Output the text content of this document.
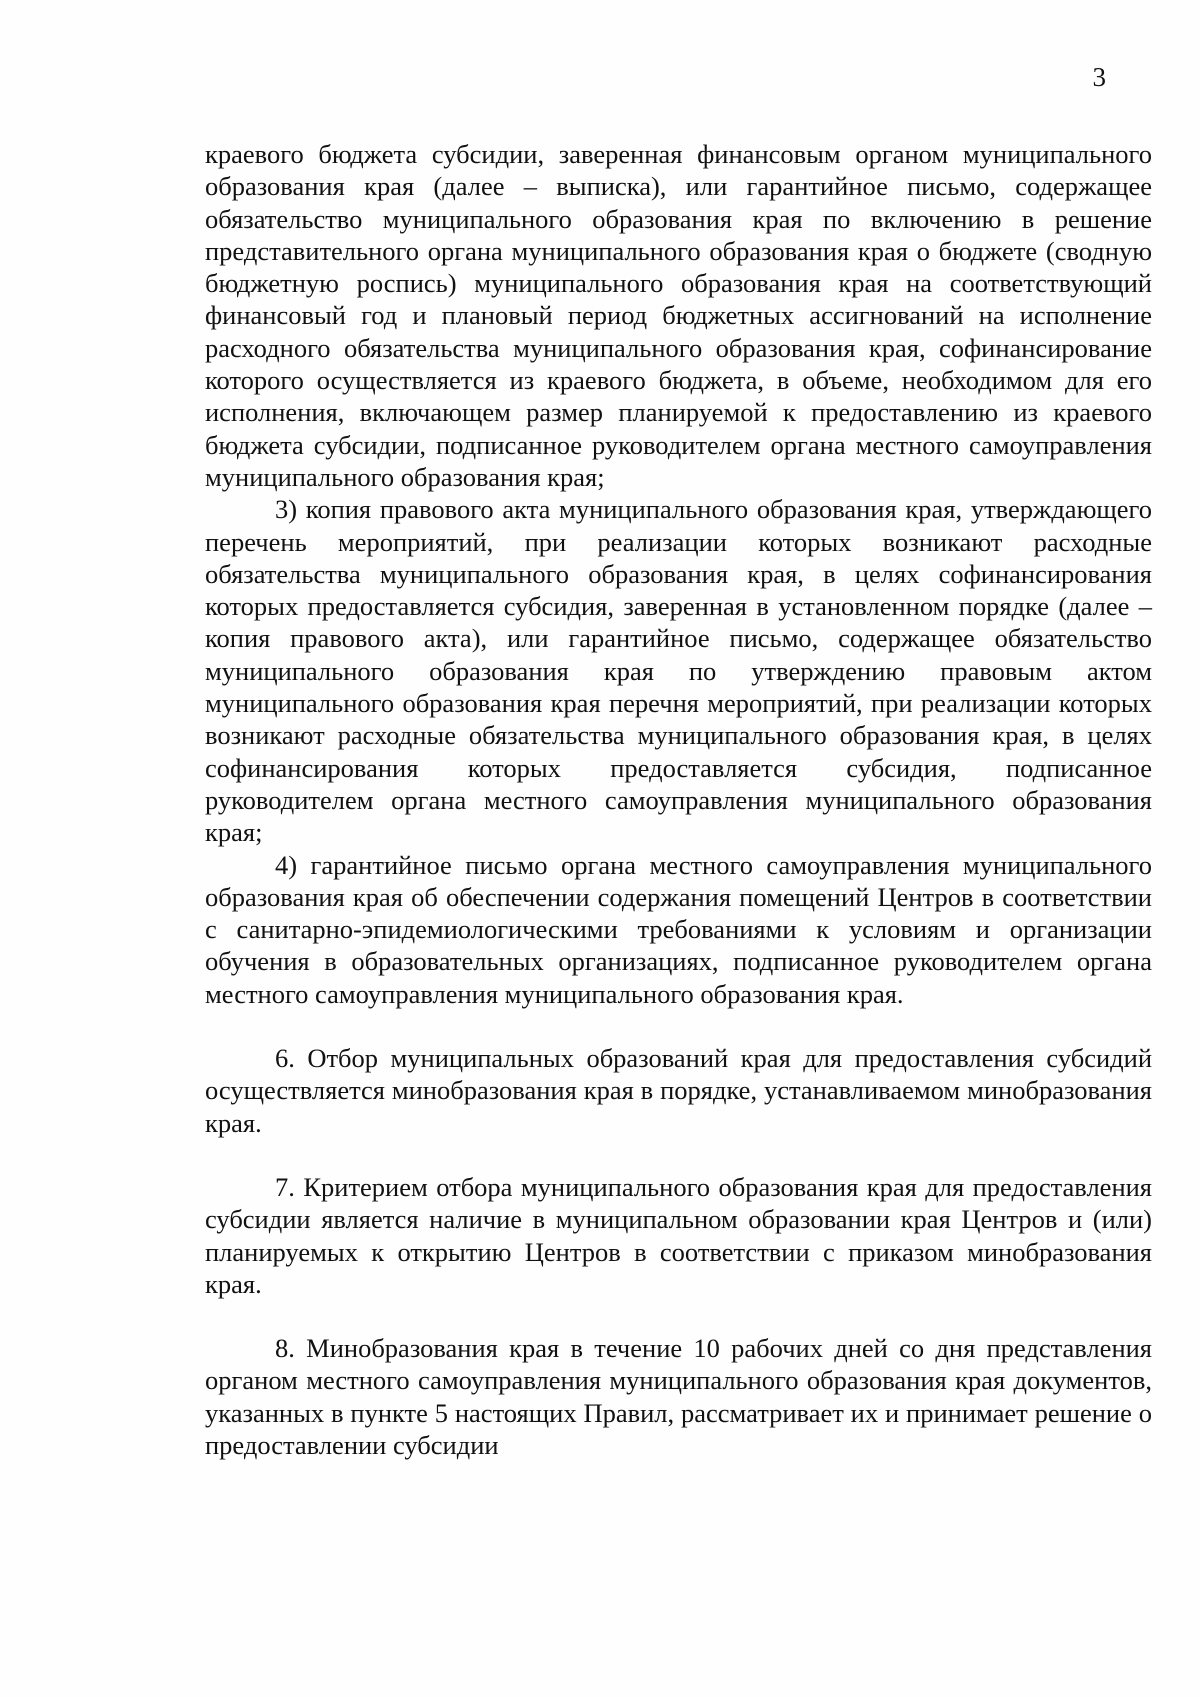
3

краевого бюджета субсидии, заверенная финансовым органом муниципального образования края (далее – выписка), или гарантийное письмо, содержащее обязательство муниципального образования края по включению в решение представительного органа муниципального образования края о бюджете (сводную бюджетную роспись) муниципального образования края на соответствующий финансовый год и плановый период бюджетных ассигнований на исполнение расходного обязательства муниципального образования края, софинансирование которого осуществляется из краевого бюджета, в объеме, необходимом для его исполнения, включающем размер планируемой к предоставлению из краевого бюджета субсидии, подписанное руководителем органа местного самоуправления муниципального образования края;

3) копия правового акта муниципального образования края, утверждающего перечень мероприятий, при реализации которых возникают расходные обязательства муниципального образования края, в целях софинансирования которых предоставляется субсидия, заверенная в установленном порядке (далее – копия правового акта), или гарантийное письмо, содержащее обязательство муниципального образования края по утверждению правовым актом муниципального образования края перечня мероприятий, при реализации которых возникают расходные обязательства муниципального образования края, в целях софинансирования которых предоставляется субсидия, подписанное руководителем органа местного самоуправления муниципального образования края;

4) гарантийное письмо органа местного самоуправления муниципального образования края об обеспечении содержания помещений Центров в соответствии с санитарно-эпидемиологическими требованиями к условиям и организации обучения в образовательных организациях, подписанное руководителем органа местного самоуправления муниципального образования края.

6. Отбор муниципальных образований края для предоставления субсидий осуществляется минобразования края в порядке, устанавливаемом минобразования края.

7. Критерием отбора муниципального образования края для предоставления субсидии является наличие в муниципальном образовании края Центров и (или) планируемых к открытию Центров в соответствии с приказом минобразования края.

8. Минобразования края в течение 10 рабочих дней со дня представления органом местного самоуправления муниципального образования края документов, указанных в пункте 5 настоящих Правил, рассматривает их и принимает решение о предоставлении субсидии
